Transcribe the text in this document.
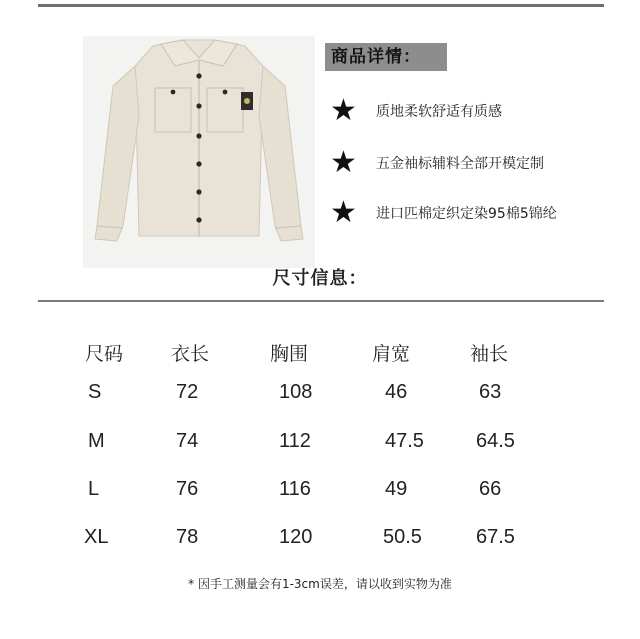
商品详情：
★	质地柔软舒适有质感
★	五金袖标辅料全部开模定制
★	进口匹棉定织定染95棉5锦纶
尺寸信息：
尺码	衣长	胸围	肩宽	袖长
S	72	108	46	63
M	74	112	47.5	64.5
L	76	116	49	66
XL	78	120	50.5	67.5
* 因手工测量会有1-3cm误差，请以收到实物为准
